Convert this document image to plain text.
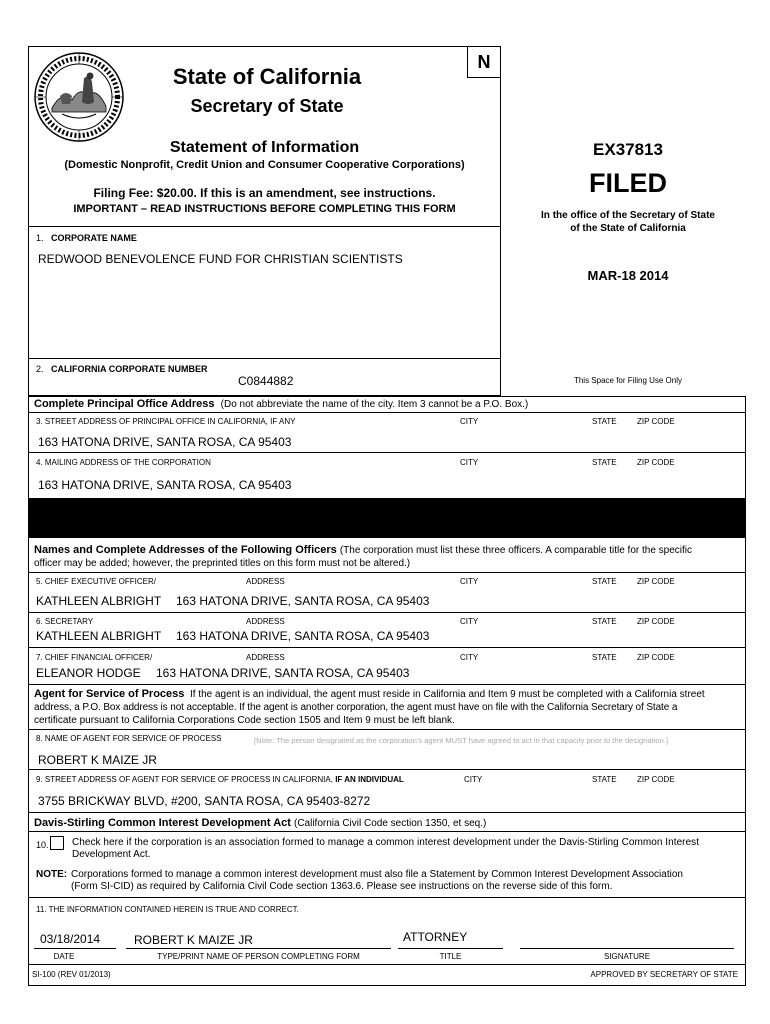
N
State of California
Secretary of State
Statement of Information
(Domestic Nonprofit, Credit Union and Consumer Cooperative Corporations)
Filing Fee: $20.00. If this is an amendment, see instructions.
IMPORTANT – READ INSTRUCTIONS BEFORE COMPLETING THIS FORM
1. CORPORATE NAME
REDWOOD BENEVOLENCE FUND FOR CHRISTIAN SCIENTISTS
2. CALIFORNIA CORPORATE NUMBER
C0844882
EX37813
FILED
In the office of the Secretary of State
of the State of California
MAR-18 2014
This Space for Filing Use Only
Complete Principal Office Address (Do not abbreviate the name of the city. Item 3 cannot be a P.O. Box.)
3. STREET ADDRESS OF PRINCIPAL OFFICE IN CALIFORNIA, IF ANY	CITY	STATE	ZIP CODE
163 HATONA DRIVE, SANTA ROSA, CA 95403
4. MAILING ADDRESS OF THE CORPORATION	CITY	STATE	ZIP CODE
163 HATONA DRIVE, SANTA ROSA, CA 95403
Names and Complete Addresses of the Following Officers (The corporation must list these three officers. A comparable title for the specific
officer may be added; however, the preprinted titles on this form must not be altered.)
5. CHIEF EXECUTIVE OFFICER/	ADDRESS	CITY	STATE	ZIP CODE
KATHLEEN ALBRIGHT 163 HATONA DRIVE, SANTA ROSA, CA 95403
6. SECRETARY	ADDRESS	CITY	STATE	ZIP CODE
KATHLEEN ALBRIGHT 163 HATONA DRIVE, SANTA ROSA, CA 95403
7. CHIEF FINANCIAL OFFICER/	ADDRESS	CITY	STATE	ZIP CODE
ELEANOR HODGE 163 HATONA DRIVE, SANTA ROSA, CA 95403
Agent for Service of Process If the agent is an individual, the agent must reside in California and Item 9 must be completed with a California street
address, a P.O. Box address is not acceptable. If the agent is another corporation, the agent must have on file with the California Secretary of State a
certificate pursuant to California Corporations Code section 1505 and Item 9 must be left blank.
8. NAME OF AGENT FOR SERVICE OF PROCESS	[Note: The person designated as the corporation's agent MUST have agreed to act in that capacity prior to the designation.]
ROBERT K MAIZE JR
9. STREET ADDRESS OF AGENT FOR SERVICE OF PROCESS IN CALIFORNIA, IF AN INDIVIDUAL	CITY	STATE	ZIP CODE
3755 BRICKWAY BLVD, #200, SANTA ROSA, CA 95403-8272
Davis-Stirling Common Interest Development Act (California Civil Code section 1350, et seq.)
10. Check here if the corporation is an association formed to manage a common interest development under the Davis-Stirling Common Interest
Development Act.
NOTE: Corporations formed to manage a common interest development must also file a Statement by Common Interest Development Association
(Form SI-CID) as required by California Civil Code section 1363.6. Please see instructions on the reverse side of this form.
11. THE INFORMATION CONTAINED HEREIN IS TRUE AND CORRECT.
03/18/2014	ROBERT K MAIZE JR	ATTORNEY
DATE	TYPE/PRINT NAME OF PERSON COMPLETING FORM	TITLE	SIGNATURE
SI-100 (REV 01/2013)	APPROVED BY SECRETARY OF STATE
